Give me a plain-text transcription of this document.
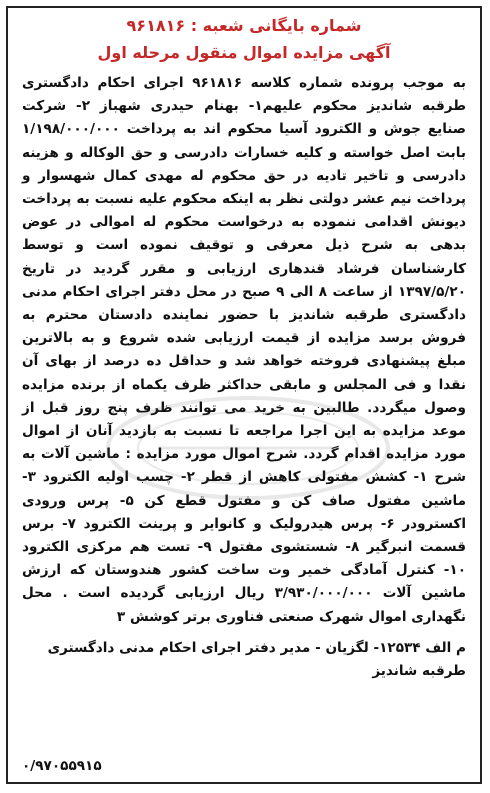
شماره بایگانی شعبه : ۹۶۱۸۱۶
آگهی مزایده اموال منقول مرحله اول

به موجب پرونده شماره کلاسه ۹۶۱۸۱۶ اجرای احکام دادگستری طرقبه شاندیز محکوم علیهم۱- بهنام حیدری شهباز ۲- شرکت صنایع جوش و الکترود آسیا محکوم اند به پرداخت ۱/۱۹۸/۰۰۰/۰۰۰ بابت اصل خواسته و کلیه خسارات دادرسی و حق الوکاله و هزینه دادرسی و تاخیر تادیه در حق محکوم له مهدی کمال شهسوار و پرداخت نیم عشر دولتی نظر به اینکه محکوم علیه نسبت به پرداخت دیونش اقدامی ننموده به درخواست محکوم له اموالی در عوض بدهی به شرح ذیل معرفی و توقیف نموده است و توسط کارشناسان فرشاد قندهاری ارزیابی و مقرر گردید در تاریخ ۱۳۹۷/۵/۲۰ از ساعت ۸ الی ۹ صبح در محل دفتر اجرای احکام مدنی دادگستری طرقبه شاندیز با حضور نماینده دادستان محترم به فروش برسد مزایده از قیمت ارزیابی شده شروع و به بالاترین مبلغ پیشنهادی فروخته خواهد شد و حداقل ده درصد از بهای آن نقدا و فی المجلس و مابقی حداکثر ظرف یکماه از برنده مزایده وصول میگردد. طالبین به خرید می توانند ظرف پنج روز قبل از موعد مزایده به این اجرا مراجعه تا نسبت به بازدید آنان از اموال مورد مزایده اقدام گردد. شرح اموال مورد مزایده : ماشین آلات به شرح ۱- کشش مفتولی کاهش از قطر ۲- چسب اولیه الکترود ۳- ماشین مفتول صاف کن و مفتول قطع کن ۵- پرس ورودی اکسترودر ۶- پرس هیدرولیک و کانوایر و پرینت الکترود ۷- برس قسمت انبرگیر ۸- شستشوی مفتول ۹- تست هم مرکزی الکترود ۱۰- کنترل آمادگی خمیر وت ساخت کشور هندوستان که ارزش ماشین آلات ۳/۹۳۰/۰۰۰/۰۰۰ ریال ارزیابی گردیده است . محل نگهداری اموال شهرک صنعتی فناوری برتر کوشش ۳

م الف ۱۲۵۳۴- لگزیان - مدیر دفتر اجرای احکام مدنی دادگستری طرقبه شاندیز
۰/۹۷۰۵۵۹۱۵
